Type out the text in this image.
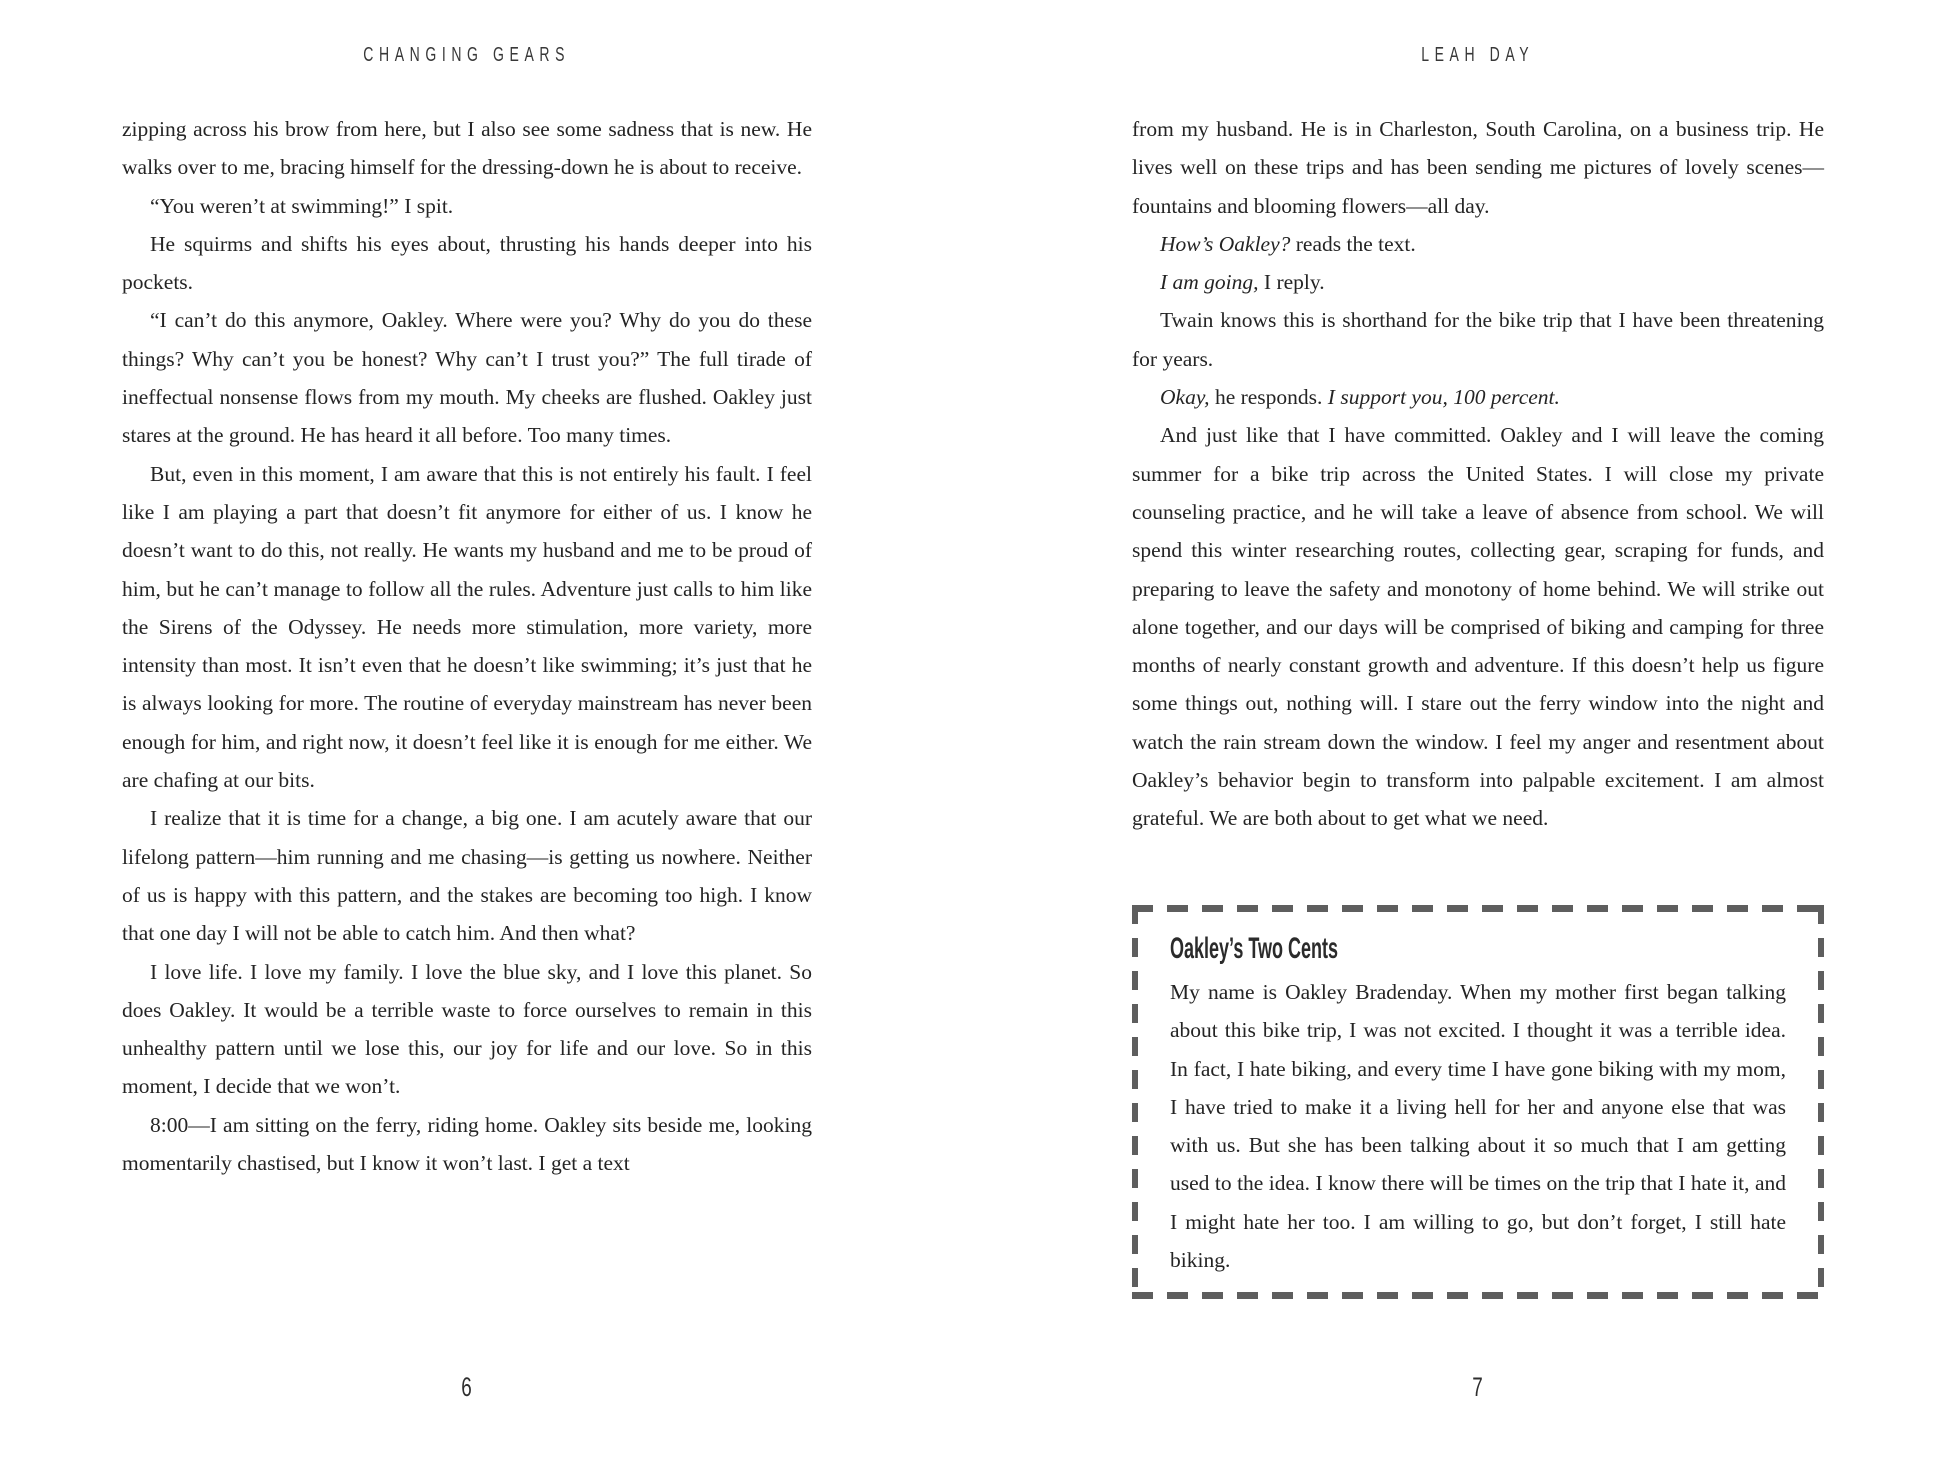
CHANGING GEARS

zipping across his brow from here, but I also see some sadness that is new. He walks over to me, bracing himself for the dressing-down he is about to receive.

“You weren’t at swimming!” I spit.

He squirms and shifts his eyes about, thrusting his hands deeper into his pockets.

“I can’t do this anymore, Oakley. Where were you? Why do you do these things? Why can’t you be honest? Why can’t I trust you?” The full tirade of ineffectual nonsense flows from my mouth. My cheeks are flushed. Oakley just stares at the ground. He has heard it all before. Too many times.

But, even in this moment, I am aware that this is not entirely his fault. I feel like I am playing a part that doesn’t fit anymore for either of us. I know he doesn’t want to do this, not really. He wants my husband and me to be proud of him, but he can’t manage to follow all the rules. Adventure just calls to him like the Sirens of the Odyssey. He needs more stimulation, more variety, more intensity than most. It isn’t even that he doesn’t like swimming; it’s just that he is always looking for more. The routine of everyday mainstream has never been enough for him, and right now, it doesn’t feel like it is enough for me either. We are chafing at our bits.

I realize that it is time for a change, a big one. I am acutely aware that our lifelong pattern—him running and me chasing—is getting us nowhere. Neither of us is happy with this pattern, and the stakes are becoming too high. I know that one day I will not be able to catch him. And then what?

I love life. I love my family. I love the blue sky, and I love this planet. So does Oakley. It would be a terrible waste to force ourselves to remain in this unhealthy pattern until we lose this, our joy for life and our love. So in this moment, I decide that we won’t.

8:00—I am sitting on the ferry, riding home. Oakley sits beside me, looking momentarily chastised, but I know it won’t last. I get a text

6
LEAH DAY

from my husband. He is in Charleston, South Carolina, on a business trip. He lives well on these trips and has been sending me pictures of lovely scenes—fountains and blooming flowers—all day.

How’s Oakley? reads the text.

I am going, I reply.

Twain knows this is shorthand for the bike trip that I have been threatening for years.

Okay, he responds. I support you, 100 percent.

And just like that I have committed. Oakley and I will leave the coming summer for a bike trip across the United States. I will close my private counseling practice, and he will take a leave of absence from school. We will spend this winter researching routes, collecting gear, scraping for funds, and preparing to leave the safety and monotony of home behind. We will strike out alone together, and our days will be comprised of biking and camping for three months of nearly constant growth and adventure. If this doesn’t help us figure some things out, nothing will. I stare out the ferry window into the night and watch the rain stream down the window. I feel my anger and resentment about Oakley’s behavior begin to transform into palpable excitement. I am almost grateful. We are both about to get what we need.

Oakley’s Two Cents

My name is Oakley Bradenday. When my mother first began talking about this bike trip, I was not excited. I thought it was a terrible idea. In fact, I hate biking, and every time I have gone biking with my mom, I have tried to make it a living hell for her and anyone else that was with us. But she has been talking about it so much that I am getting used to the idea. I know there will be times on the trip that I hate it, and I might hate her too. I am willing to go, but don’t forget, I still hate biking.

7
